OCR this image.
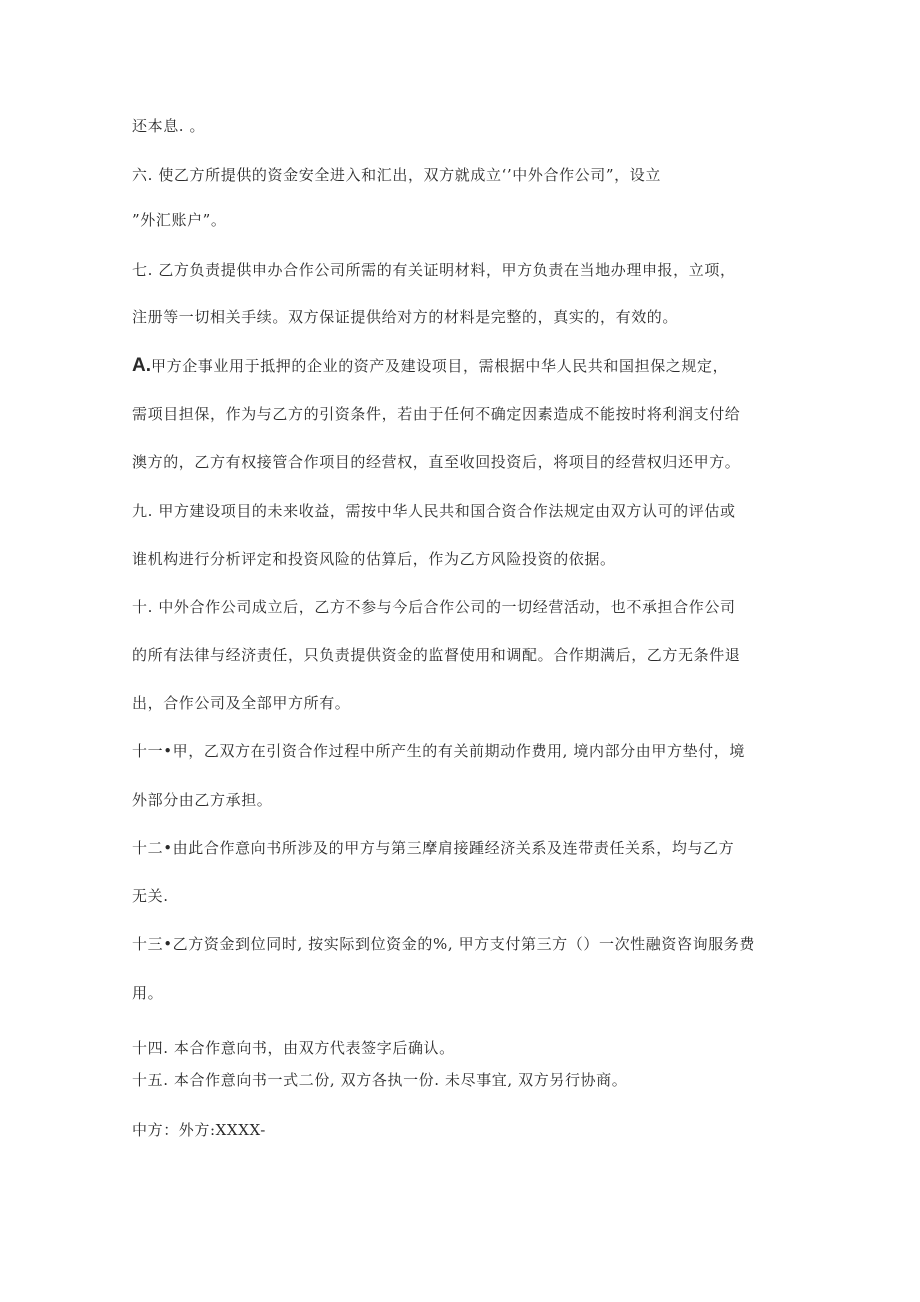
还本息. 。
六. 使乙方所提供的资金安全进入和汇出，双方就成立‘’中外合作公司”，设立
”外汇账户”。
七. 乙方负责提供申办合作公司所需的有关证明材料，甲方负责在当地办理申报，立项，
注册等一切相关手续。双方保证提供给对方的材料是完整的，真实的，有效的。
A.甲方企事业用于抵押的企业的资产及建设项目，需根据中华人民共和国担保之规定，
需项目担保，作为与乙方的引资条件，若由于任何不确定因素造成不能按时将利润支付给
澳方的，乙方有权接管合作项目的经营权，直至收回投资后，将项目的经营权归还甲方。
九. 甲方建设项目的未来收益，需按中华人民共和国合资合作法规定由双方认可的评估或
谁机构进行分析评定和投资风险的估算后，作为乙方风险投资的依据。
十. 中外合作公司成立后，乙方不参与今后合作公司的一切经营活动，也不承担合作公司
的所有法律与经济责任，只负责提供资金的监督使用和调配。合作期满后，乙方无条件退
出，合作公司及全部甲方所有。
十一•甲，乙双方在引资合作过程中所产生的有关前期动作费用, 境内部分由甲方垫付，境
外部分由乙方承担。
十二•由此合作意向书所涉及的甲方与第三摩肩接踵经济关系及连带责任关系，均与乙方
无关.
十三•乙方资金到位同时, 按实际到位资金的%, 甲方支付第三方（）一次性融资咨询服务费
用。
十四. 本合作意向书，由双方代表签字后确认。
十五. 本合作意向书一式二份, 双方各执一份. 未尽事宜, 双方另行协商。
中方：外方:XXXX-
